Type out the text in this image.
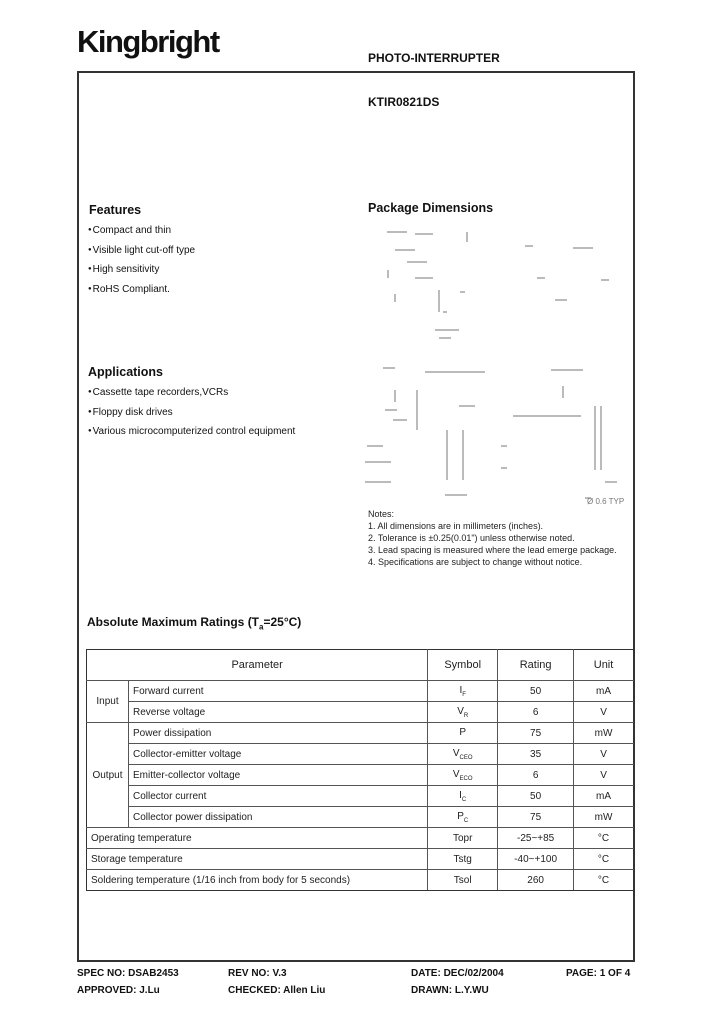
Kingbright	PHOTO-INTERRUPTER
KTIR0821DS
Features
● Compact and thin
● Visible light cut-off type
● High sensitivity
● RoHS Compliant.
Applications
● Cassette tape recorders,VCRs
● Floppy disk drives
● Various microcomputerized control equipment
Package Dimensions
Ø 0.6 TYP
Notes:
1. All dimensions are in millimeters (inches).
2. Tolerance is ±0.25(0.01") unless otherwise noted.
3. Lead spacing is measured where the lead emerge package.
4. Specifications are subject to change without notice.
Absolute Maximum Ratings $(T_a=25^\circ C)$
Parameter		Symbol	Rating	Unit
Input	Forward current	$I_F$	50	mA
	Reverse voltage	$V_R$	6	V
Output	Power dissipation	P	75	mW
	Collector-emitter voltage	$V_{CEO}$	35	V
	Emitter-collector voltage	$V_{ECO}$	6	V
	Collector current	$I_C$	50	mA
	Collector power dissipation	$P_C$	75	mW
Operating temperature		Topr	-25~+85	°C
Storage temperature		Tstg	-40~+100	°C
Soldering temperature (1/16 inch from body for 5 seconds)		Tsol	260	°C
SPEC NO: DSAB2453	REV NO: V.3	DATE: DEC/02/2004	PAGE: 1 OF 4
APPROVED: J.Lu	CHECKED: Allen Liu	DRAWN: L.Y.WU
